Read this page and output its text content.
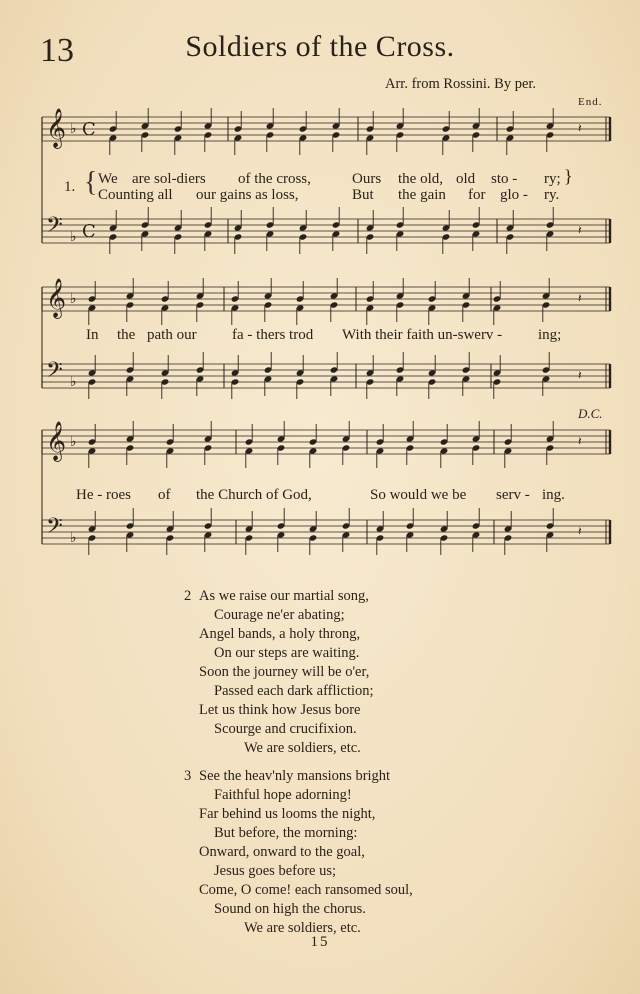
13	Soldiers of the Cross.
Arr. from Rossini. By per.
End.
D.C.
𝄞 ♭ C	𝄽
𝄢 ♭ C	𝄽
𝄞 ♭	𝄽
𝄢 ♭	𝄽
𝄞 ♭	𝄽
𝄢 ♭	𝄽
1. { We are sol-diers of the cross,	Ours the old, old sto - ry; }
Counting all our gains as loss,	But the gain for glo - ry.
In the path our fa - thers trod With their faith un-swerv - ing;
He - roes of the Church of God,	So would we be serv - ing.
2 As we raise our martial song,
Courage ne'er abating;
Angel bands, a holy throng,
On our steps are waiting.
Soon the journey will be o'er,
Passed each dark affliction;
Let us think how Jesus bore
Scourge and crucifixion.
We are soldiers, etc.
3 See the heav'nly mansions bright
Faithful hope adorning!
Far behind us looms the night,
But before, the morning:
Onward, onward to the goal,
Jesus goes before us;
Come, O come! each ransomed soul,
Sound on high the chorus.
We are soldiers, etc.
15
